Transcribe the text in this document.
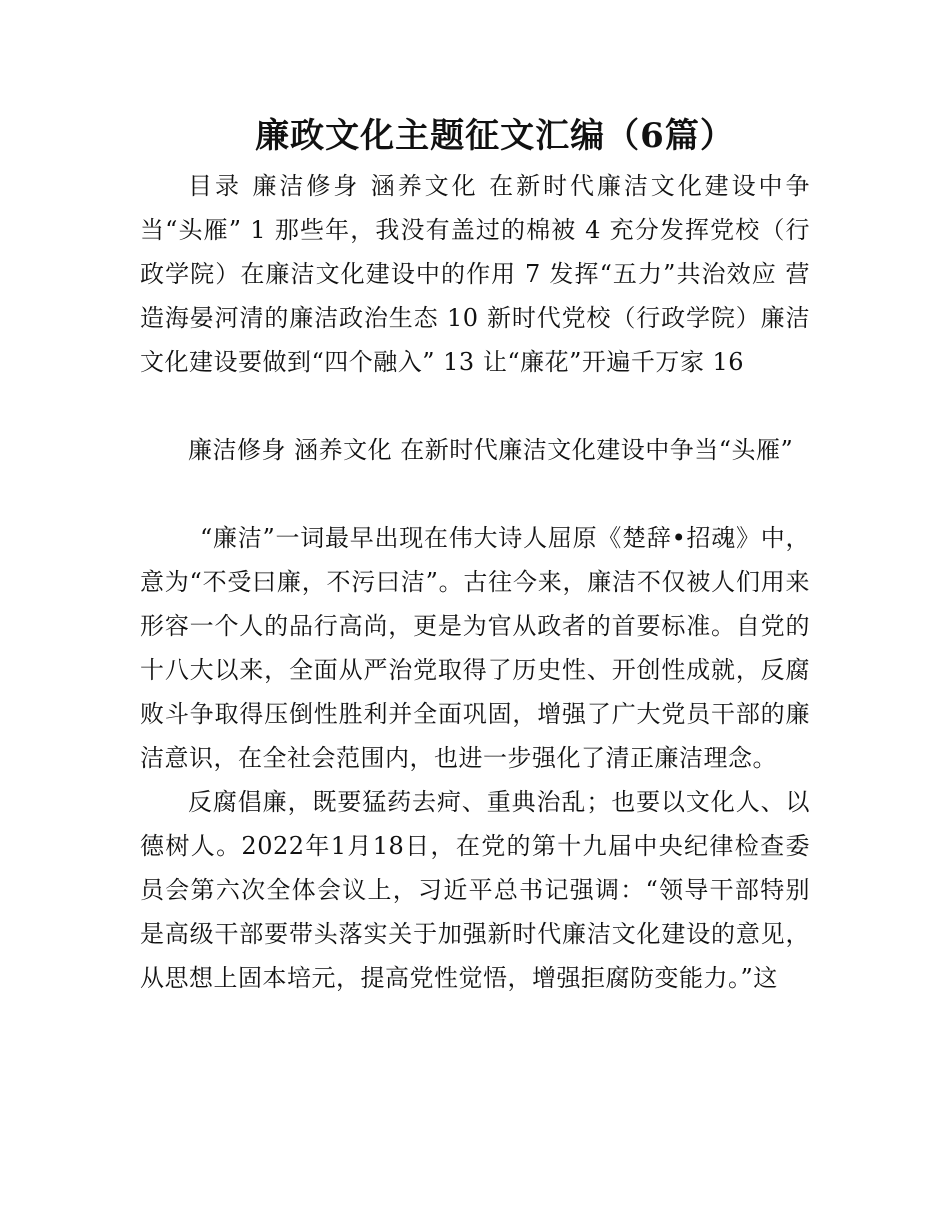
廉政文化主题征文汇编（6篇）

目录 廉洁修身 涵养文化 在新时代廉洁文化建设中争当“头雁” 1 那些年，我没有盖过的棉被 4 充分发挥党校（行政学院）在廉洁文化建设中的作用 7 发挥“五力”共治效应 营造海晏河清的廉洁政治生态 10 新时代党校（行政学院）廉洁文化建设要做到“四个融入” 13 让“廉花”开遍千万家 16

廉洁修身 涵养文化 在新时代廉洁文化建设中争当“头雁”

“廉洁”一词最早出现在伟大诗人屈原《楚辞•招魂》中，意为“不受曰廉，不污曰洁”。古往今来，廉洁不仅被人们用来形容一个人的品行高尚，更是为官从政者的首要标准。自党的十八大以来，全面从严治党取得了历史性、开创性成就，反腐败斗争取得压倒性胜利并全面巩固，增强了广大党员干部的廉洁意识，在全社会范围内，也进一步强化了清正廉洁理念。

反腐倡廉，既要猛药去疴、重典治乱；也要以文化人、以德树人。2022年1月18日，在党的第十九届中央纪律检查委员会第六次全体会议上，习近平总书记强调：“领导干部特别是高级干部要带头落实关于加强新时代廉洁文化建设的意见，从思想上固本培元，提高党性觉悟，增强拒腐防变能力。”这
